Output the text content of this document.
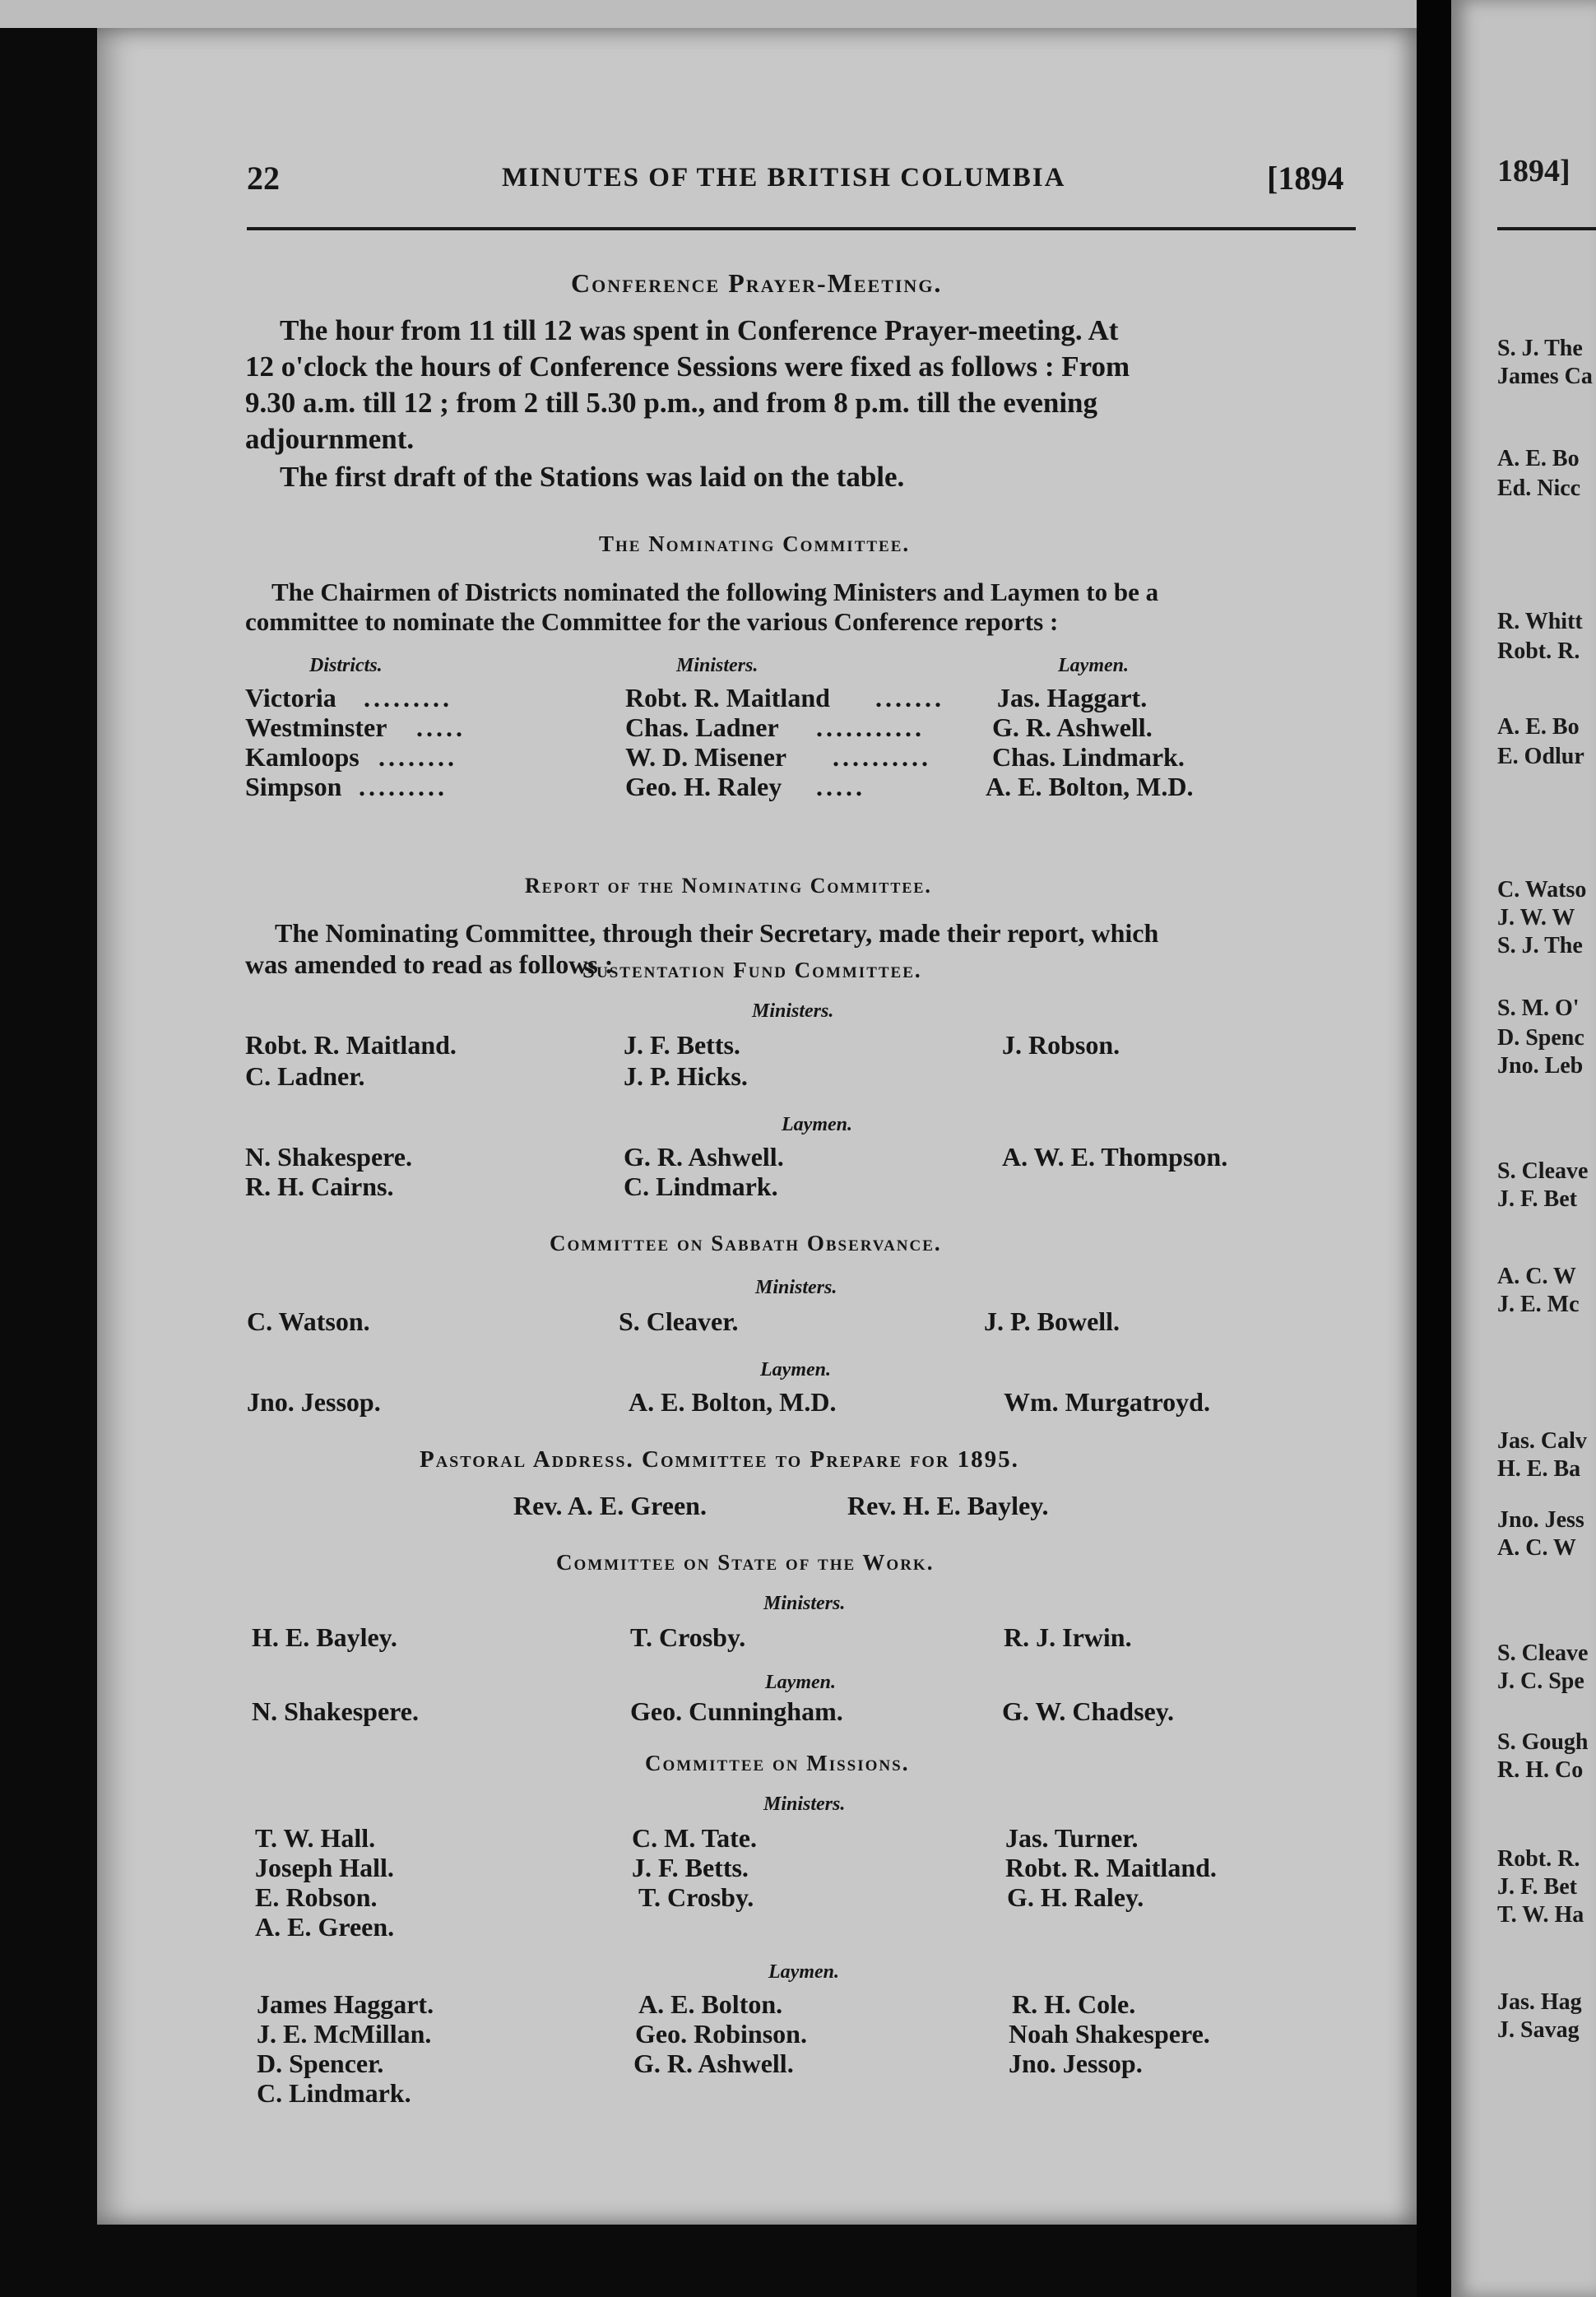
1894]
S. J. The
James Ca
A. E. Bo
Ed. Nicc
R. Whitt
Robt. R.
A. E. Bo
E. Odlur
C. Watso
J. W. W
S. J. The
S. M. O'
D. Spenc
Jno. Leb
S. Cleave
J. F. Bet
A. C. W
J. E. Mc
Jas. Calv
H. E. Ba
Jno. Jess
A. C. W
S. Cleave
J. C. Spe
S. Gough
R. H. Co
Robt. R.
J. F. Bet
T. W. Ha
Jas. Hag
J. Savag
22	MINUTES OF THE BRITISH COLUMBIA	[1894
Conference Prayer-Meeting.
The hour from 11 till 12 was spent in Conference Prayer-meeting. At
12 o'clock the hours of Conference Sessions were fixed as follows : From
9.30 a.m. till 12 ; from 2 till 5.30 p.m., and from 8 p.m. till the evening
adjournment.
The first draft of the Stations was laid on the table.
The Nominating Committee.
The Chairmen of Districts nominated the following Ministers and Laymen to be a
committee to nominate the Committee for the various Conference reports :
Districts.	Ministers.	Laymen.
Victoria .........	Robt. R. Maitland ....... Jas. Haggart.
Westminster .....	Chas. Ladner ...........	G. R. Ashwell.
Kamloops ........	W. D. Misener .......... Chas. Lindmark.
Simpson .........	Geo. H. Raley .....	A. E. Bolton, M.D.
Report of the Nominating Committee.
The Nominating Committee, through their Secretary, made their report, which
was amended to read as follows :
Sustentation Fund Committee.
Ministers.
Robt. R. Maitland.	J. F. Betts.	J. Robson.
C. Ladner.	J. P. Hicks.
Laymen.
N. Shakespere.	G. R. Ashwell.	A. W. E. Thompson.
R. H. Cairns.	C. Lindmark.
Committee on Sabbath Observance.
Ministers.
C. Watson.	S. Cleaver.	J. P. Bowell.
Laymen.
Jno. Jessop.	A. E. Bolton, M.D.	Wm. Murgatroyd.
Pastoral Address. Committee to Prepare for 1895.
Rev. A. E. Green.	Rev. H. E. Bayley.
Committee on State of the Work.
Ministers.
H. E. Bayley.	T. Crosby.	R. J. Irwin.
Laymen.
N. Shakespere.	Geo. Cunningham.	G. W. Chadsey.
Committee on Missions.
Ministers.
T. W. Hall.	C. M. Tate.	Jas. Turner.
Joseph Hall.	J. F. Betts.	Robt. R. Maitland.
E. Robson.	T. Crosby.	G. H. Raley.
A. E. Green.
Laymen.
James Haggart.	A. E. Bolton.	R. H. Cole.
J. E. McMillan.	Geo. Robinson.	Noah Shakespere.
D. Spencer.	G. R. Ashwell.	Jno. Jessop.
C. Lindmark.
